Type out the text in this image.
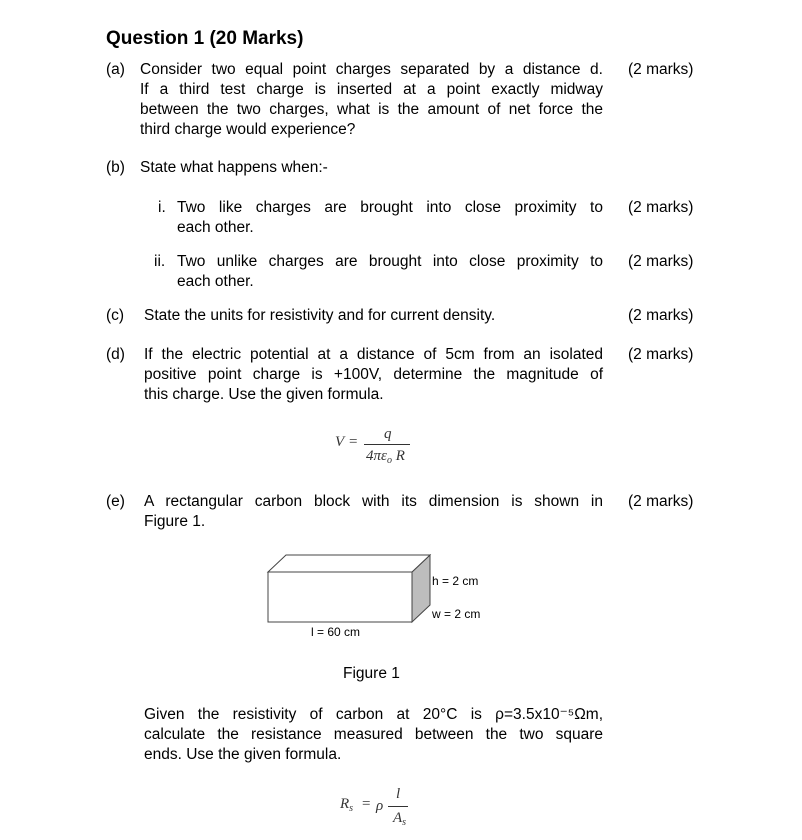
Question 1 (20 Marks)
(a) Consider two equal point charges separated by a distance d.
If a third test charge is inserted at a point exactly midway
between the two charges, what is the amount of net force the
third charge would experience?
(2 marks)
(b) State what happens when:-
i. Two like charges are brought into close proximity to
each other.
(2 marks)
ii. Two unlike charges are brought into close proximity to
each other.
(2 marks)
(c) State the units for resistivity and for current density.	(2 marks)
(d) If the electric potential at a distance of 5cm from an isolated
positive point charge is +100V, determine the magnitude of
this charge. Use the given formula.
(2 marks)
V = q
$4\pi\varepsilon_o$ R
(e) A rectangular carbon block with its dimension is shown in
Figure 1.
(2 marks)
h = 2 cm
w = 2 cm
l = 60 cm
Figure 1
Given the resistivity of carbon at 20°C is ρ=3.5x10⁻⁵Ωm,
calculate the resistance measured between the two square
ends. Use the given formula.
$R_s = \rho$
l
$A_s$
